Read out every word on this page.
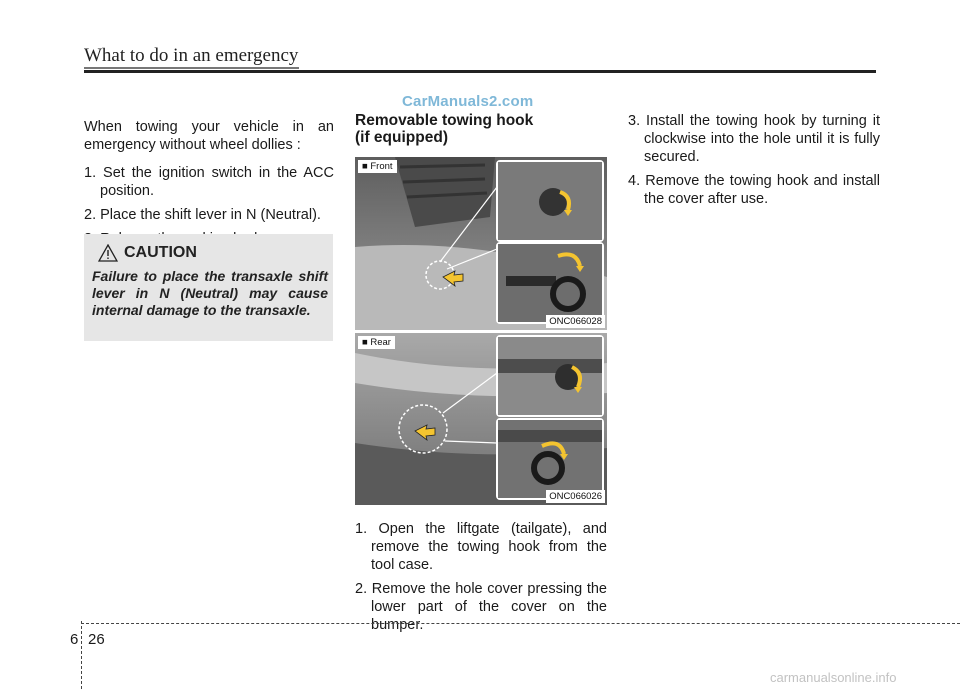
What to do in an emergency
CarManuals2.com

When towing your vehicle in an emergency without wheel dollies :

1. Set the ignition switch in the ACC position.
2. Place the shift lever in N (Neutral).
CAUTION
Failure to place the transaxle shift lever in N (Neutral) may cause internal damage to the transaxle.
Removable towing hook
(if equipped)
■ Front
ONC066028
■ Rear
ONC066026
1. Open the liftgate (tailgate), and remove the towing hook from the tool case.
2. Remove the hole cover pressing the lower part of the cover on the bumper.
3. Install the towing hook by turning it clockwise into the hole until it is fully secured.
4. Remove the towing hook and install the cover after use.
6 26
carmanualsonline.info
